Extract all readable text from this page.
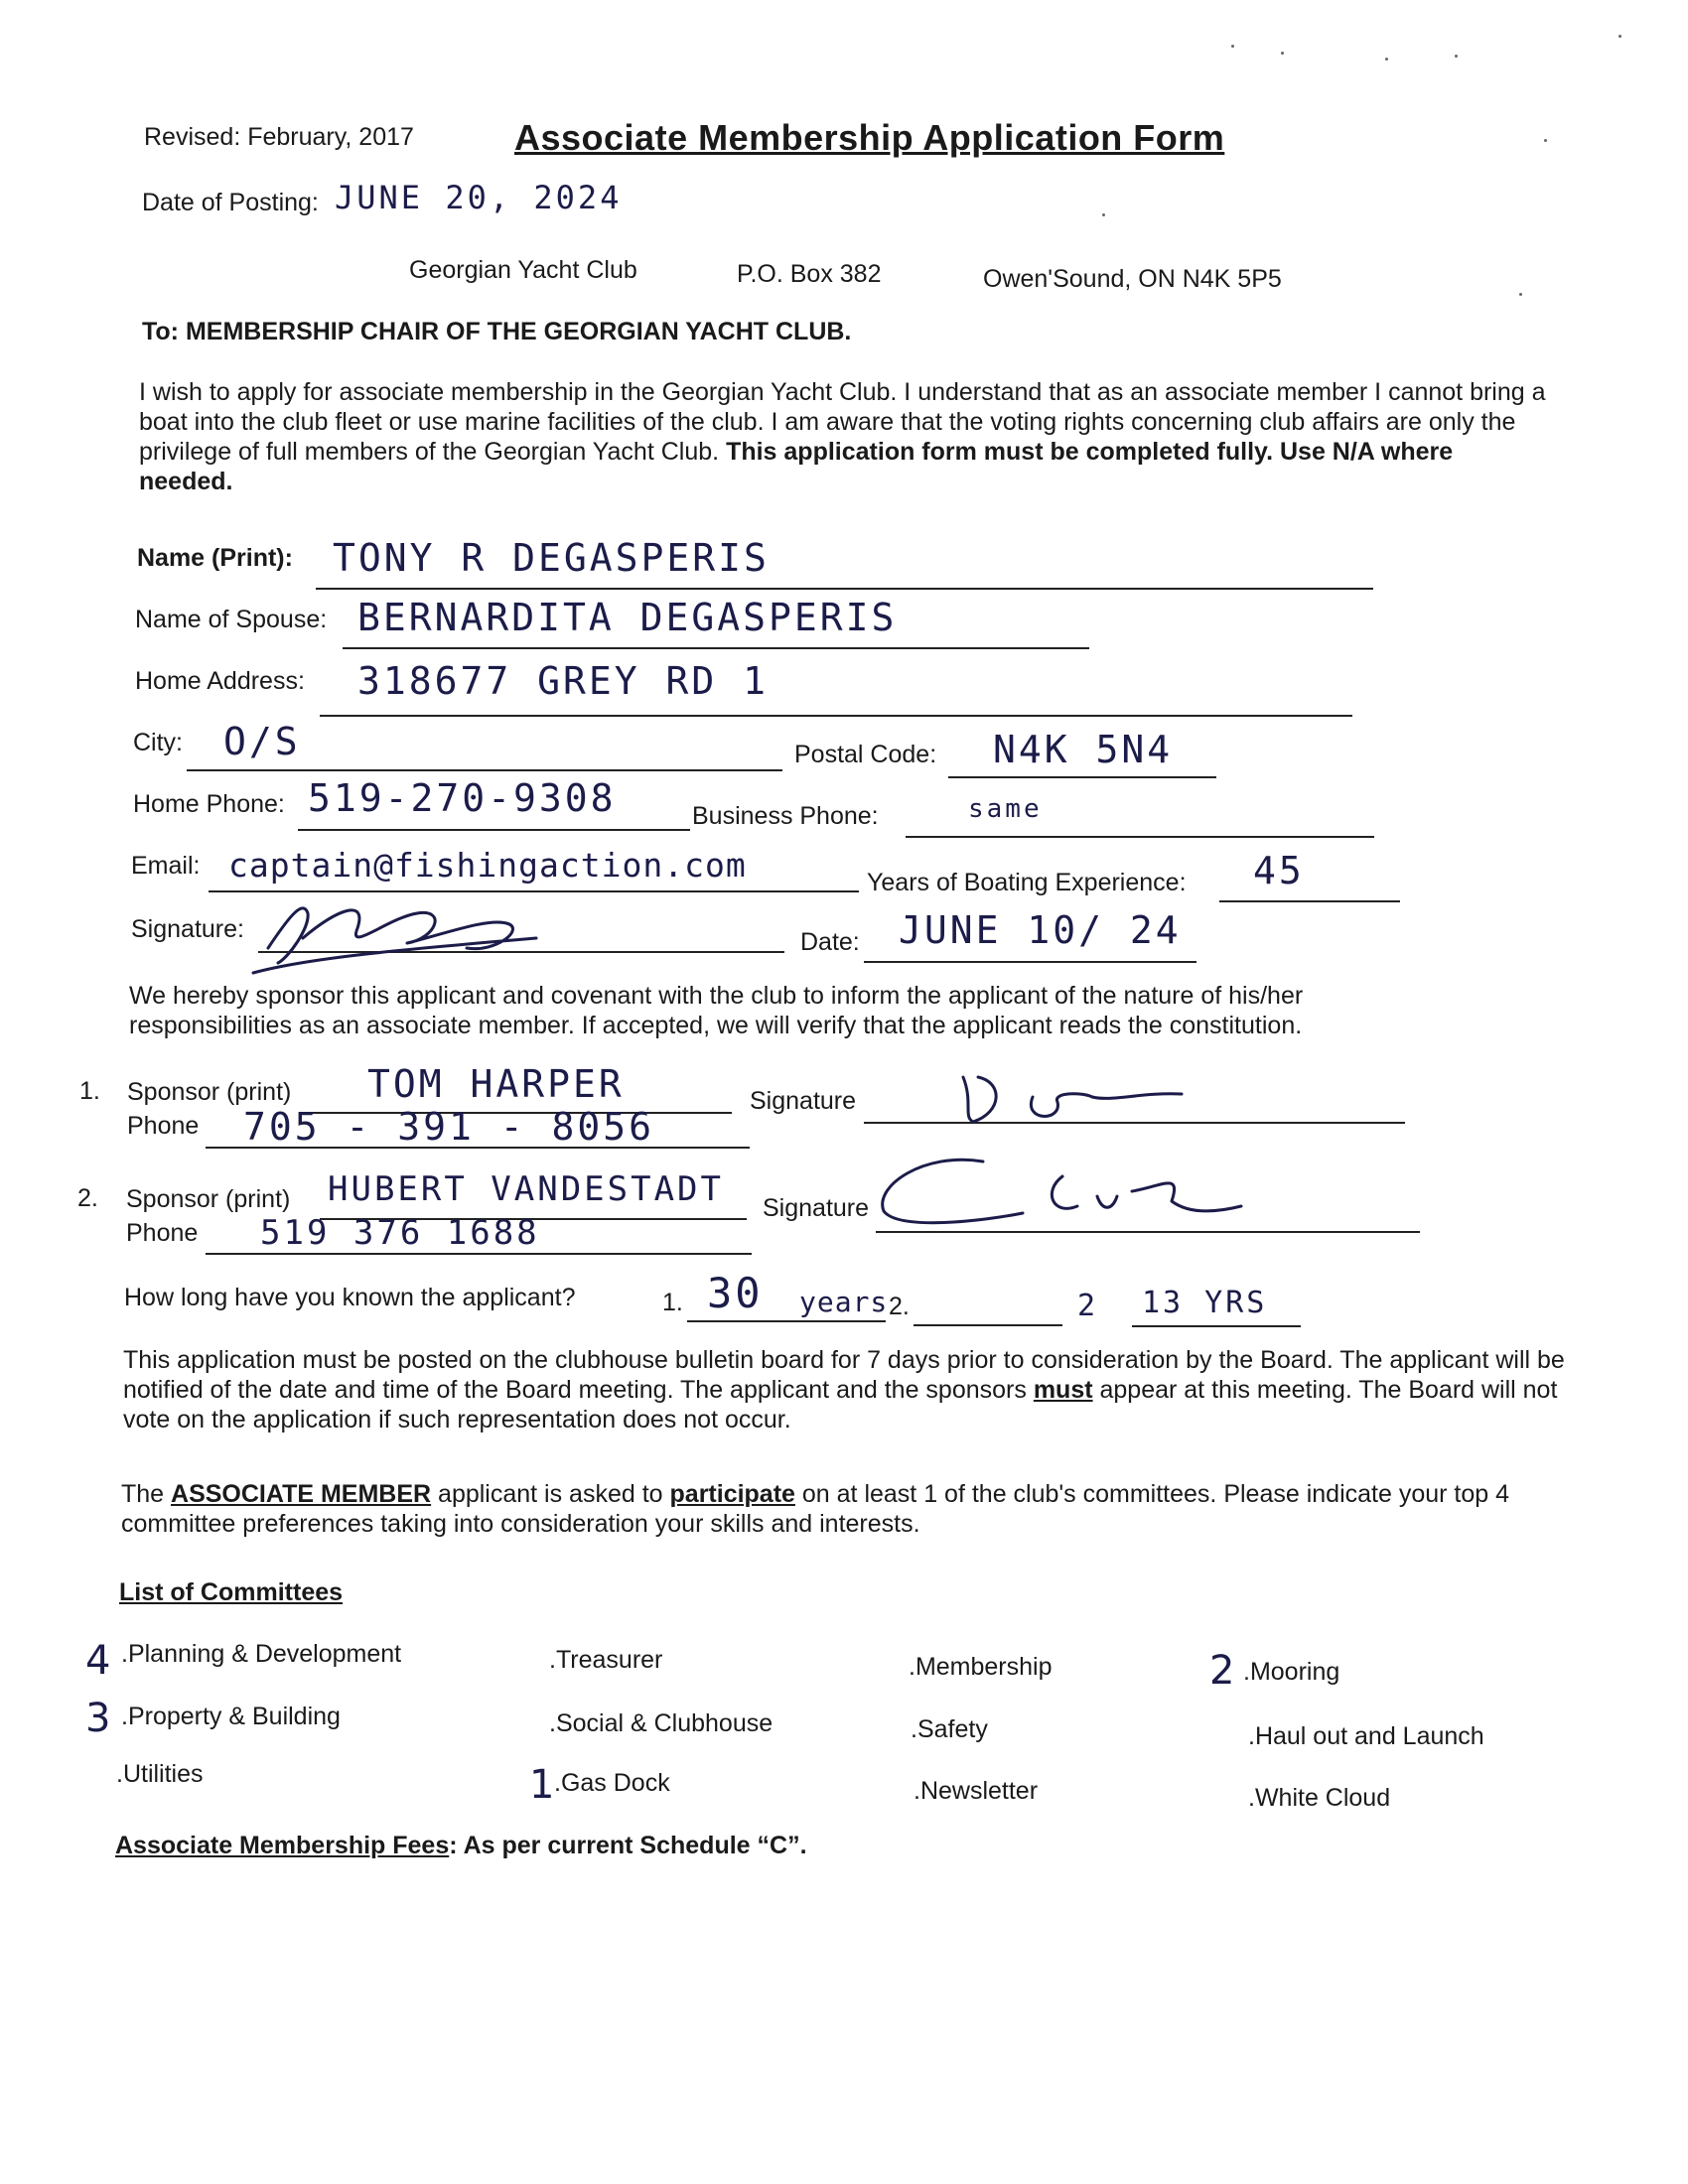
Revised: February, 2017	Associate Membership Application Form
Date of Posting: JUNE 20, 2024
Georgian Yacht Club	P.O. Box 382	Owen'Sound, ON N4K 5P5
To: MEMBERSHIP CHAIR OF THE GEORGIAN YACHT CLUB.
I wish to apply for associate membership in the Georgian Yacht Club. I understand that as an associate member I cannot bring a boat into the club fleet or use marine facilities of the club. I am aware that the voting rights concerning club affairs are only the privilege of full members of the Georgian Yacht Club. This application form must be completed fully. Use N/A where needed.
Name (Print): TONY R DEGASPERIS
Name of Spouse: BERNARDITA DEGASPERIS
Home Address: 318677 GREY RD 1
City: O/S	Postal Code: N4K 5N4
Home Phone: 519-270-9308	Business Phone:	same
Email: captain@fishingaction.com	Years of Boating Experience: 45
Signature:	Date: JUNE 10/ 24
We hereby sponsor this applicant and covenant with the club to inform the applicant of the nature of his/her responsibilities as an associate member. If accepted, we will verify that the applicant reads the constitution.
1. Sponsor (print) TOM HARPER	Signature
Phone 705 - 391 - 8056
2. Sponsor (print) HUBERT VANDESTADT Signature
Phone 519 376 1688
How long have you known the applicant?	1. 30 years 2.	2 13 YRS
This application must be posted on the clubhouse bulletin board for 7 days prior to consideration by the Board. The applicant will be notified of the date and time of the Board meeting. The applicant and the sponsors must appear at this meeting. The Board will not vote on the application if such representation does not occur.
The ASSOCIATE MEMBER applicant is asked to participate on at least 1 of the club's committees. Please indicate your top 4 committee preferences taking into consideration your skills and interests.
List of Committees
4 .Planning & Development	.Treasurer	.Membership	2 .Mooring
3 .Property & Building	.Social & Clubhouse	.Safety	.Haul out and Launch
.Utilities	1 .Gas Dock	.Newsletter	.White Cloud
Associate Membership Fees: As per current Schedule “C”.
